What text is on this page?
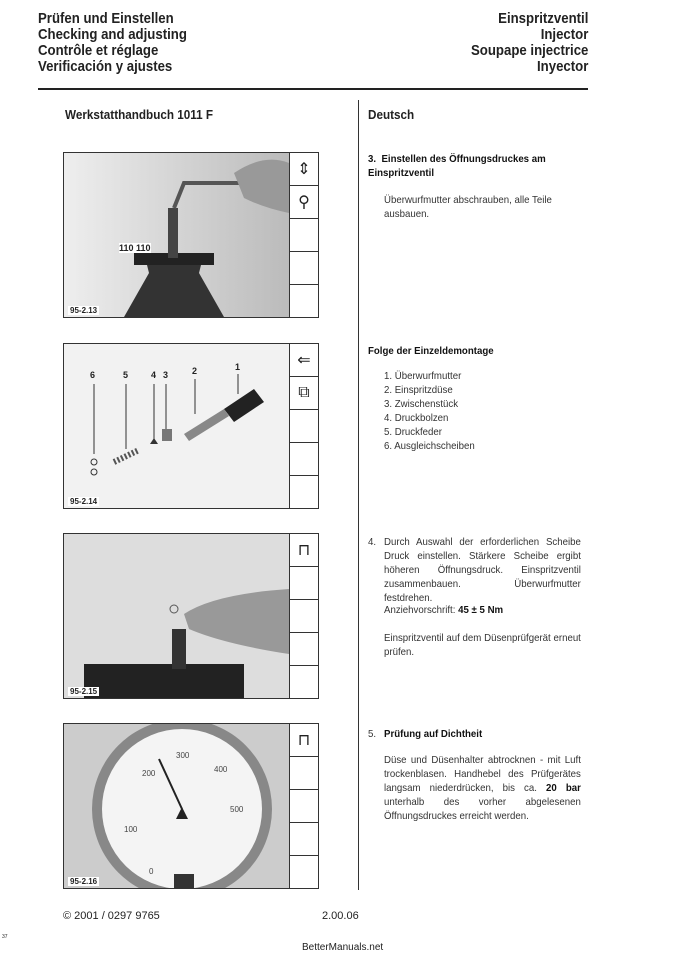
Prüfen und Einstellen
Checking and adjusting
Contrôle et réglage
Verificación y ajustes
Einspritzventil
Injector
Soupape injectrice
Inyector
Werkstatthandbuch 1011 F	Deutsch
110 110
95-2.13
⇕
⚲
6	5	4 3	2	1
95-2.14
⇐
⧉
95-2.15
⊓
0
100
200
300
400
500
95-2.16
⊓
3. Einstellen des Öffnungsdruckes am Einspritzventil
Überwurfmutter abschrauben, alle Teile ausbauen.
Folge der Einzeldemontage
1. Überwurfmutter
2. Einspritzdüse
3. Zwischenstück
4. Druckbolzen
5. Druckfeder
6. Ausgleichscheiben
4. Durch Auswahl der erforderlichen Scheibe Druck einstellen. Stärkere Scheibe ergibt höheren Öffnungsdruck. Einspritzventil zusammenbauen. Überwurfmutter festdrehen.
Anziehvorschrift: 45 ± 5 Nm
Einspritzventil auf dem Düsenprüfgerät erneut prüfen.
5. Prüfung auf Dichtheit
Düse und Düsenhalter abtrocknen - mit Luft trockenblasen. Handhebel des Prüfgerätes langsam niederdrücken, bis ca. 20 bar unterhalb des vorher abgelesenen Öffnungsdruckes erreicht werden.
© 2001 / 0297 9765	2.00.06
37
BetterManuals.net
